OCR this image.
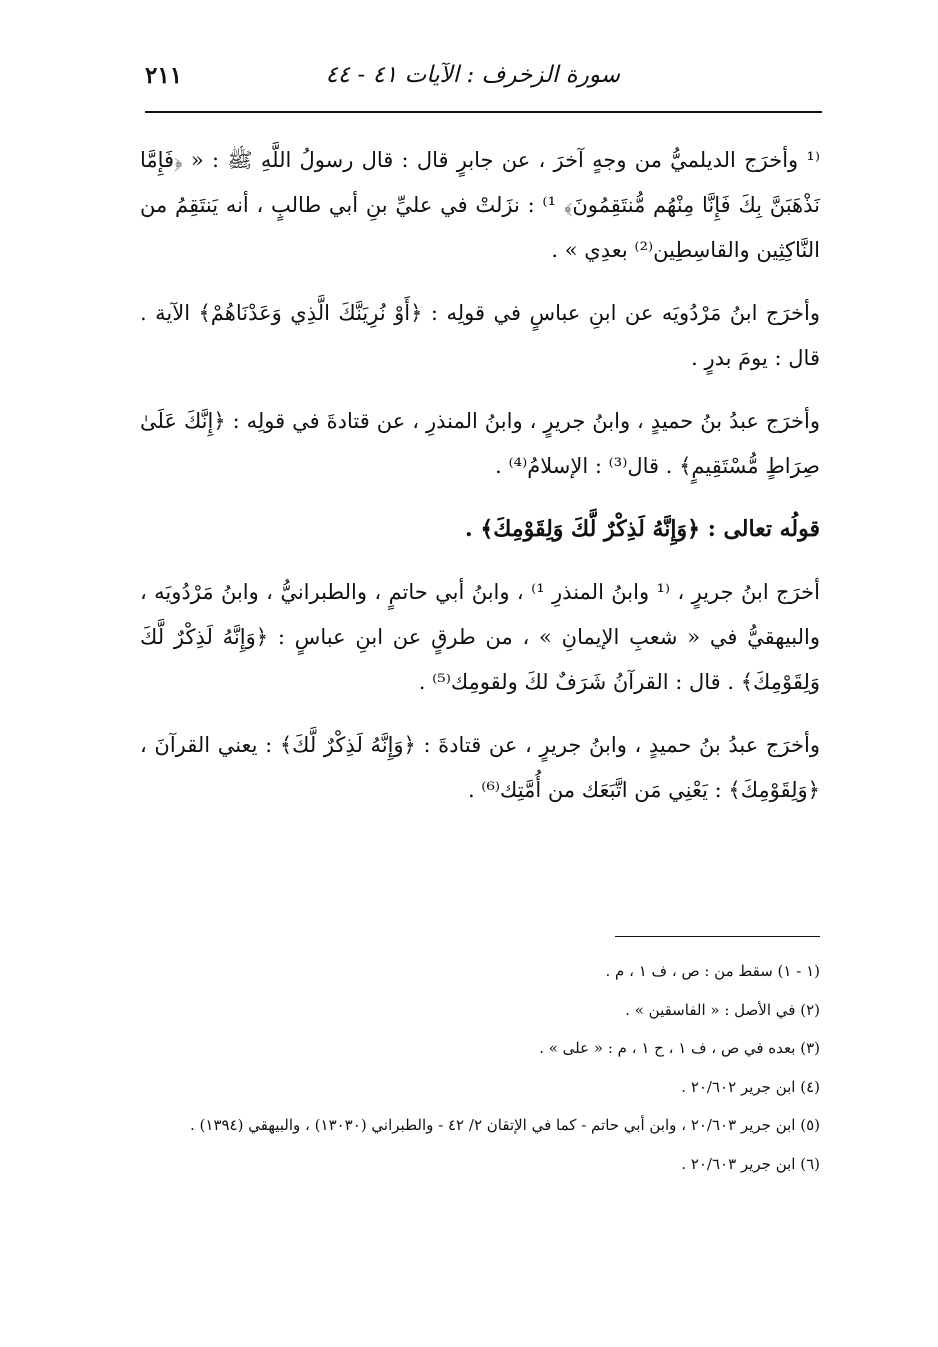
سورة الزخرف : الآيات ٤١ - ٤٤
٢١١

⁽¹ وأخرَج الديلميُّ من وجهٍ آخرَ ، عن جابرٍ قال : قال رسولُ اللَّهِ ﷺ : « ﴿فَإِمَّا نَذْهَبَنَّ بِكَ فَإِنَّا مِنْهُم مُّنتَقِمُونَ﴾ ¹⁾ : نزَلتْ في عليِّ بنِ أبي طالبٍ ، أنه يَنتَقِمُ من النَّاكِثِين والقاسِطِين⁽²⁾ بعدِي » .

وأخرَج ابنُ مَرْدُويَه عن ابنِ عباسٍ في قولِه : ﴿أَوْ نُرِيَنَّكَ الَّذِي وَعَدْنَاهُمْ﴾ الآية . قال : يومَ بدرٍ .

وأخرَج عبدُ بنُ حميدٍ ، وابنُ جريرٍ ، وابنُ المنذرِ ، عن قتادةَ في قولِه : ﴿إِنَّكَ عَلَىٰ صِرَاطٍ مُّسْتَقِيمٍ﴾ . قال⁽³⁾ : الإسلامُ⁽⁴⁾ .

قولُه تعالى : ﴿وَإِنَّهُ لَذِكْرٌ لَّكَ وَلِقَوْمِكَ﴾ .

أخرَج ابنُ جريرٍ ، ⁽¹ وابنُ المنذرِ ¹⁾ ، وابنُ أبي حاتمٍ ، والطبرانيُّ ، وابنُ مَرْدُويَه ، والبيهقيُّ في « شعبِ الإيمانِ » ، من طرقٍ عن ابنِ عباسٍ : ﴿وَإِنَّهُ لَذِكْرٌ لَّكَ وَلِقَوْمِكَ﴾ . قال : القرآنُ شَرَفٌ لكَ ولقومِك⁽⁵⁾ .

وأخرَج عبدُ بنُ حميدٍ ، وابنُ جريرٍ ، عن قتادةَ : ﴿وَإِنَّهُ لَذِكْرٌ لَّكَ﴾ : يعني القرآنَ ، ﴿وَلِقَوْمِكَ﴾ : يَعْنِي مَن اتَّبَعَك من أُمَّتِك⁽⁶⁾ .

(١ - ١) سقط من : ص ، ف ١ ، م .

(٢) في الأصل : « الفاسقين » .

(٣) بعده في ص ، ف ١ ، ح ١ ، م : « على » .

(٤) ابن جرير ٢٠/٦٠٢ .

(٥) ابن جرير ٢٠/٦٠٣ ، وابن أبي حاتم - كما في الإتقان ٢/ ٤٢ - والطبراني (١٣٠٣٠) ، والبيهقي (١٣٩٤) .

(٦) ابن جرير ٢٠/٦٠٣ .
